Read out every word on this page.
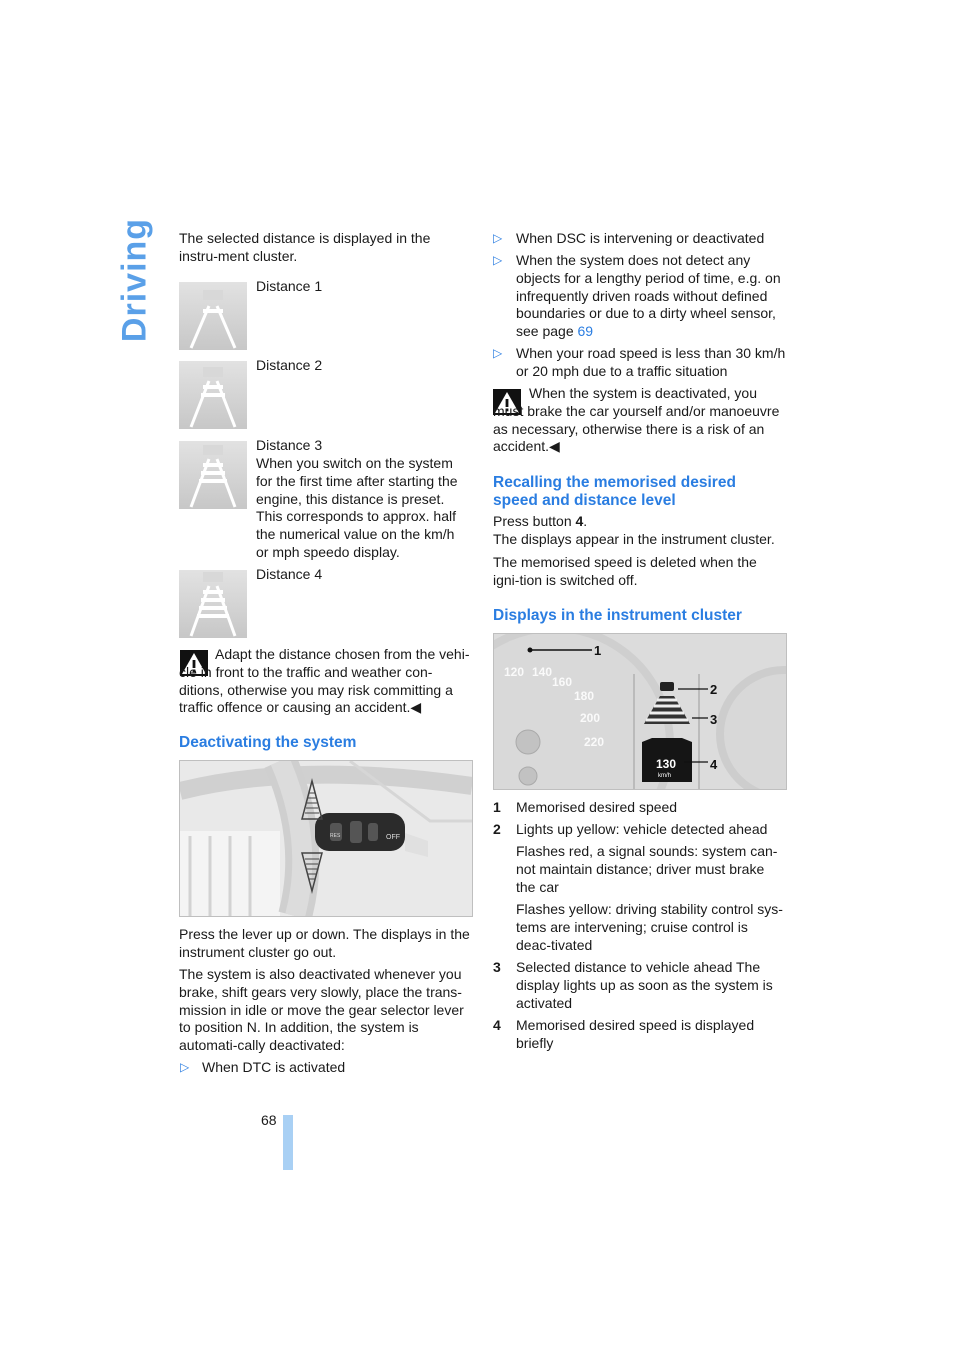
Driving The selected distance is displayed in the instru-ment cluster.
Distance 1
Distance 2
Distance 3
When you switch on the system for the first time after starting the engine, this distance is preset. This corresponds to approx. half the numerical value on the km/h or mph speedo display.
Distance 4
Adapt the distance chosen from the vehi-cle in front to the traffic and weather con-ditions, otherwise you may risk committing a traffic offence or causing an accident.◀
Deactivating the system
OFF
RES
Press the lever up or down. The displays in the instrument cluster go out.
The system is also deactivated whenever you brake, shift gears very slowly, place the trans-mission in idle or move the gear selector lever to position N. In addition, the system is automati-cally deactivated:
▷ When DTC is activated
▷ When DSC is intervening or deactivated
▷ When the system does not detect any objects for a lengthy period of time, e.g. on infrequently driven roads without defined boundaries or due to a dirty wheel sensor, see page 69
▷ When your road speed is less than 30 km/h or 20 mph due to a traffic situation
When the system is deactivated, you must brake the car yourself and/or manoeuvre as necessary, otherwise there is a risk of an accident.◀
Recalling the memorised desired speed and distance level
Press button 4.
The displays appear in the instrument cluster.
The memorised speed is deleted when the igni-tion is switched off.
Displays in the instrument cluster
120 140
160
180
200
220
130
km/h
1
2
3
4
1 Memorised desired speed
2 Lights up yellow: vehicle detected ahead
Flashes red, a signal sounds: system can-not maintain distance; driver must brake the car
Flashes yellow: driving stability control sys-tems are intervening; cruise control is deac-tivated
3 Selected distance to vehicle ahead The display lights up as soon as the system is activated
4 Memorised desired speed is displayed briefly
68
